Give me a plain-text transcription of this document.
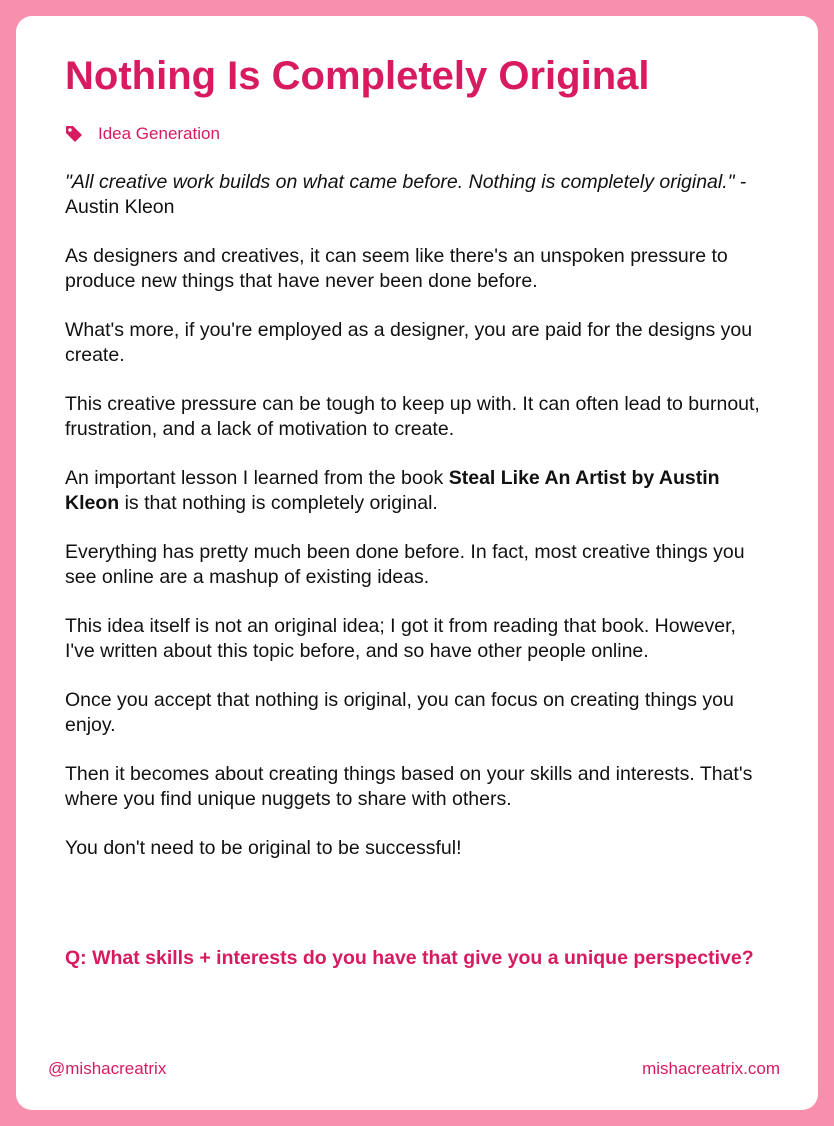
Nothing Is Completely Original
Idea Generation

"All creative work builds on what came before. Nothing is completely original." - Austin Kleon

As designers and creatives, it can seem like there's an unspoken pressure to produce new things that have never been done before.

What's more, if you're employed as a designer, you are paid for the designs you create.

This creative pressure can be tough to keep up with. It can often lead to burnout, frustration, and a lack of motivation to create.

An important lesson I learned from the book Steal Like An Artist by Austin Kleon is that nothing is completely original.

Everything has pretty much been done before. In fact, most creative things you see online are a mashup of existing ideas.

This idea itself is not an original idea; I got it from reading that book. However, I've written about this topic before, and so have other people online.

Once you accept that nothing is original, you can focus on creating things you enjoy.

Then it becomes about creating things based on your skills and interests. That's where you find unique nuggets to share with others.

You don't need to be original to be successful!

Q: What skills + interests do you have that give you a unique perspective?

@mishacreatrix	mishacreatrix.com
